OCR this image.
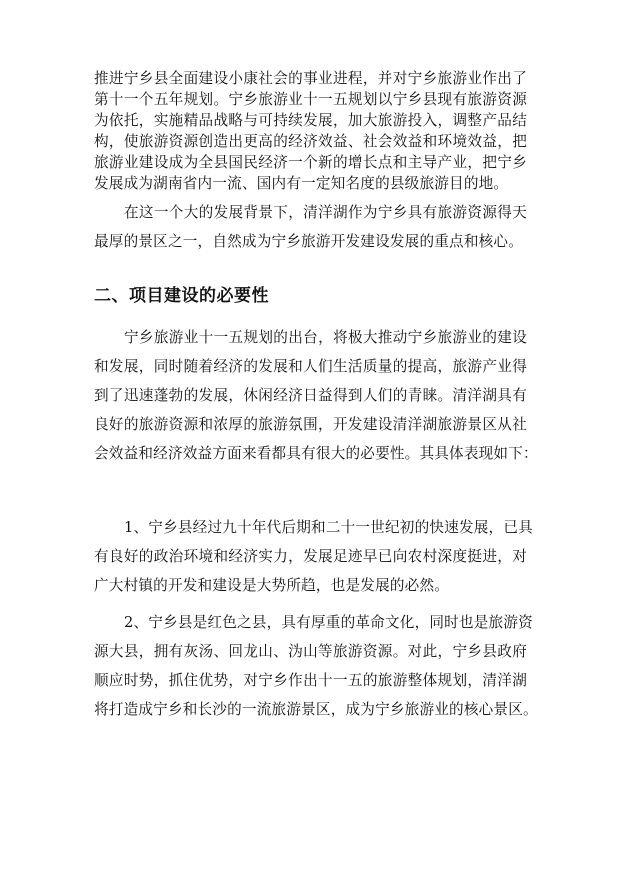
推进宁乡县全面建设小康社会的事业进程，并对宁乡旅游业作出了
第十一个五年规划。宁乡旅游业十一五规划以宁乡县现有旅游资源
为依托，实施精品战略与可持续发展，加大旅游投入，调整产品结
构，使旅游资源创造出更高的经济效益、社会效益和环境效益，把
旅游业建设成为全县国民经济一个新的增长点和主导产业，把宁乡
发展成为湖南省内一流、国内有一定知名度的县级旅游目的地。
在这一个大的发展背景下，清洋湖作为宁乡具有旅游资源得天
最厚的景区之一，自然成为宁乡旅游开发建设发展的重点和核心。
二、项目建设的必要性
宁乡旅游业十一五规划的出台，将极大推动宁乡旅游业的建设
和发展，同时随着经济的发展和人们生活质量的提高，旅游产业得
到了迅速蓬勃的发展，休闲经济日益得到人们的青睐。清洋湖具有
良好的旅游资源和浓厚的旅游氛围，开发建设清洋湖旅游景区从社
会效益和经济效益方面来看都具有很大的必要性。其具体表现如下：
1、宁乡县经过九十年代后期和二十一世纪初的快速发展，已具
有良好的政治环境和经济实力，发展足迹早已向农村深度挺进，对
广大村镇的开发和建设是大势所趋，也是发展的必然。
2、宁乡县是红色之县，具有厚重的革命文化，同时也是旅游资
源大县，拥有灰汤、回龙山、沩山等旅游资源。对此，宁乡县政府
顺应时势，抓住优势，对宁乡作出十一五的旅游整体规划，清洋湖
将打造成宁乡和长沙的一流旅游景区，成为宁乡旅游业的核心景区。
